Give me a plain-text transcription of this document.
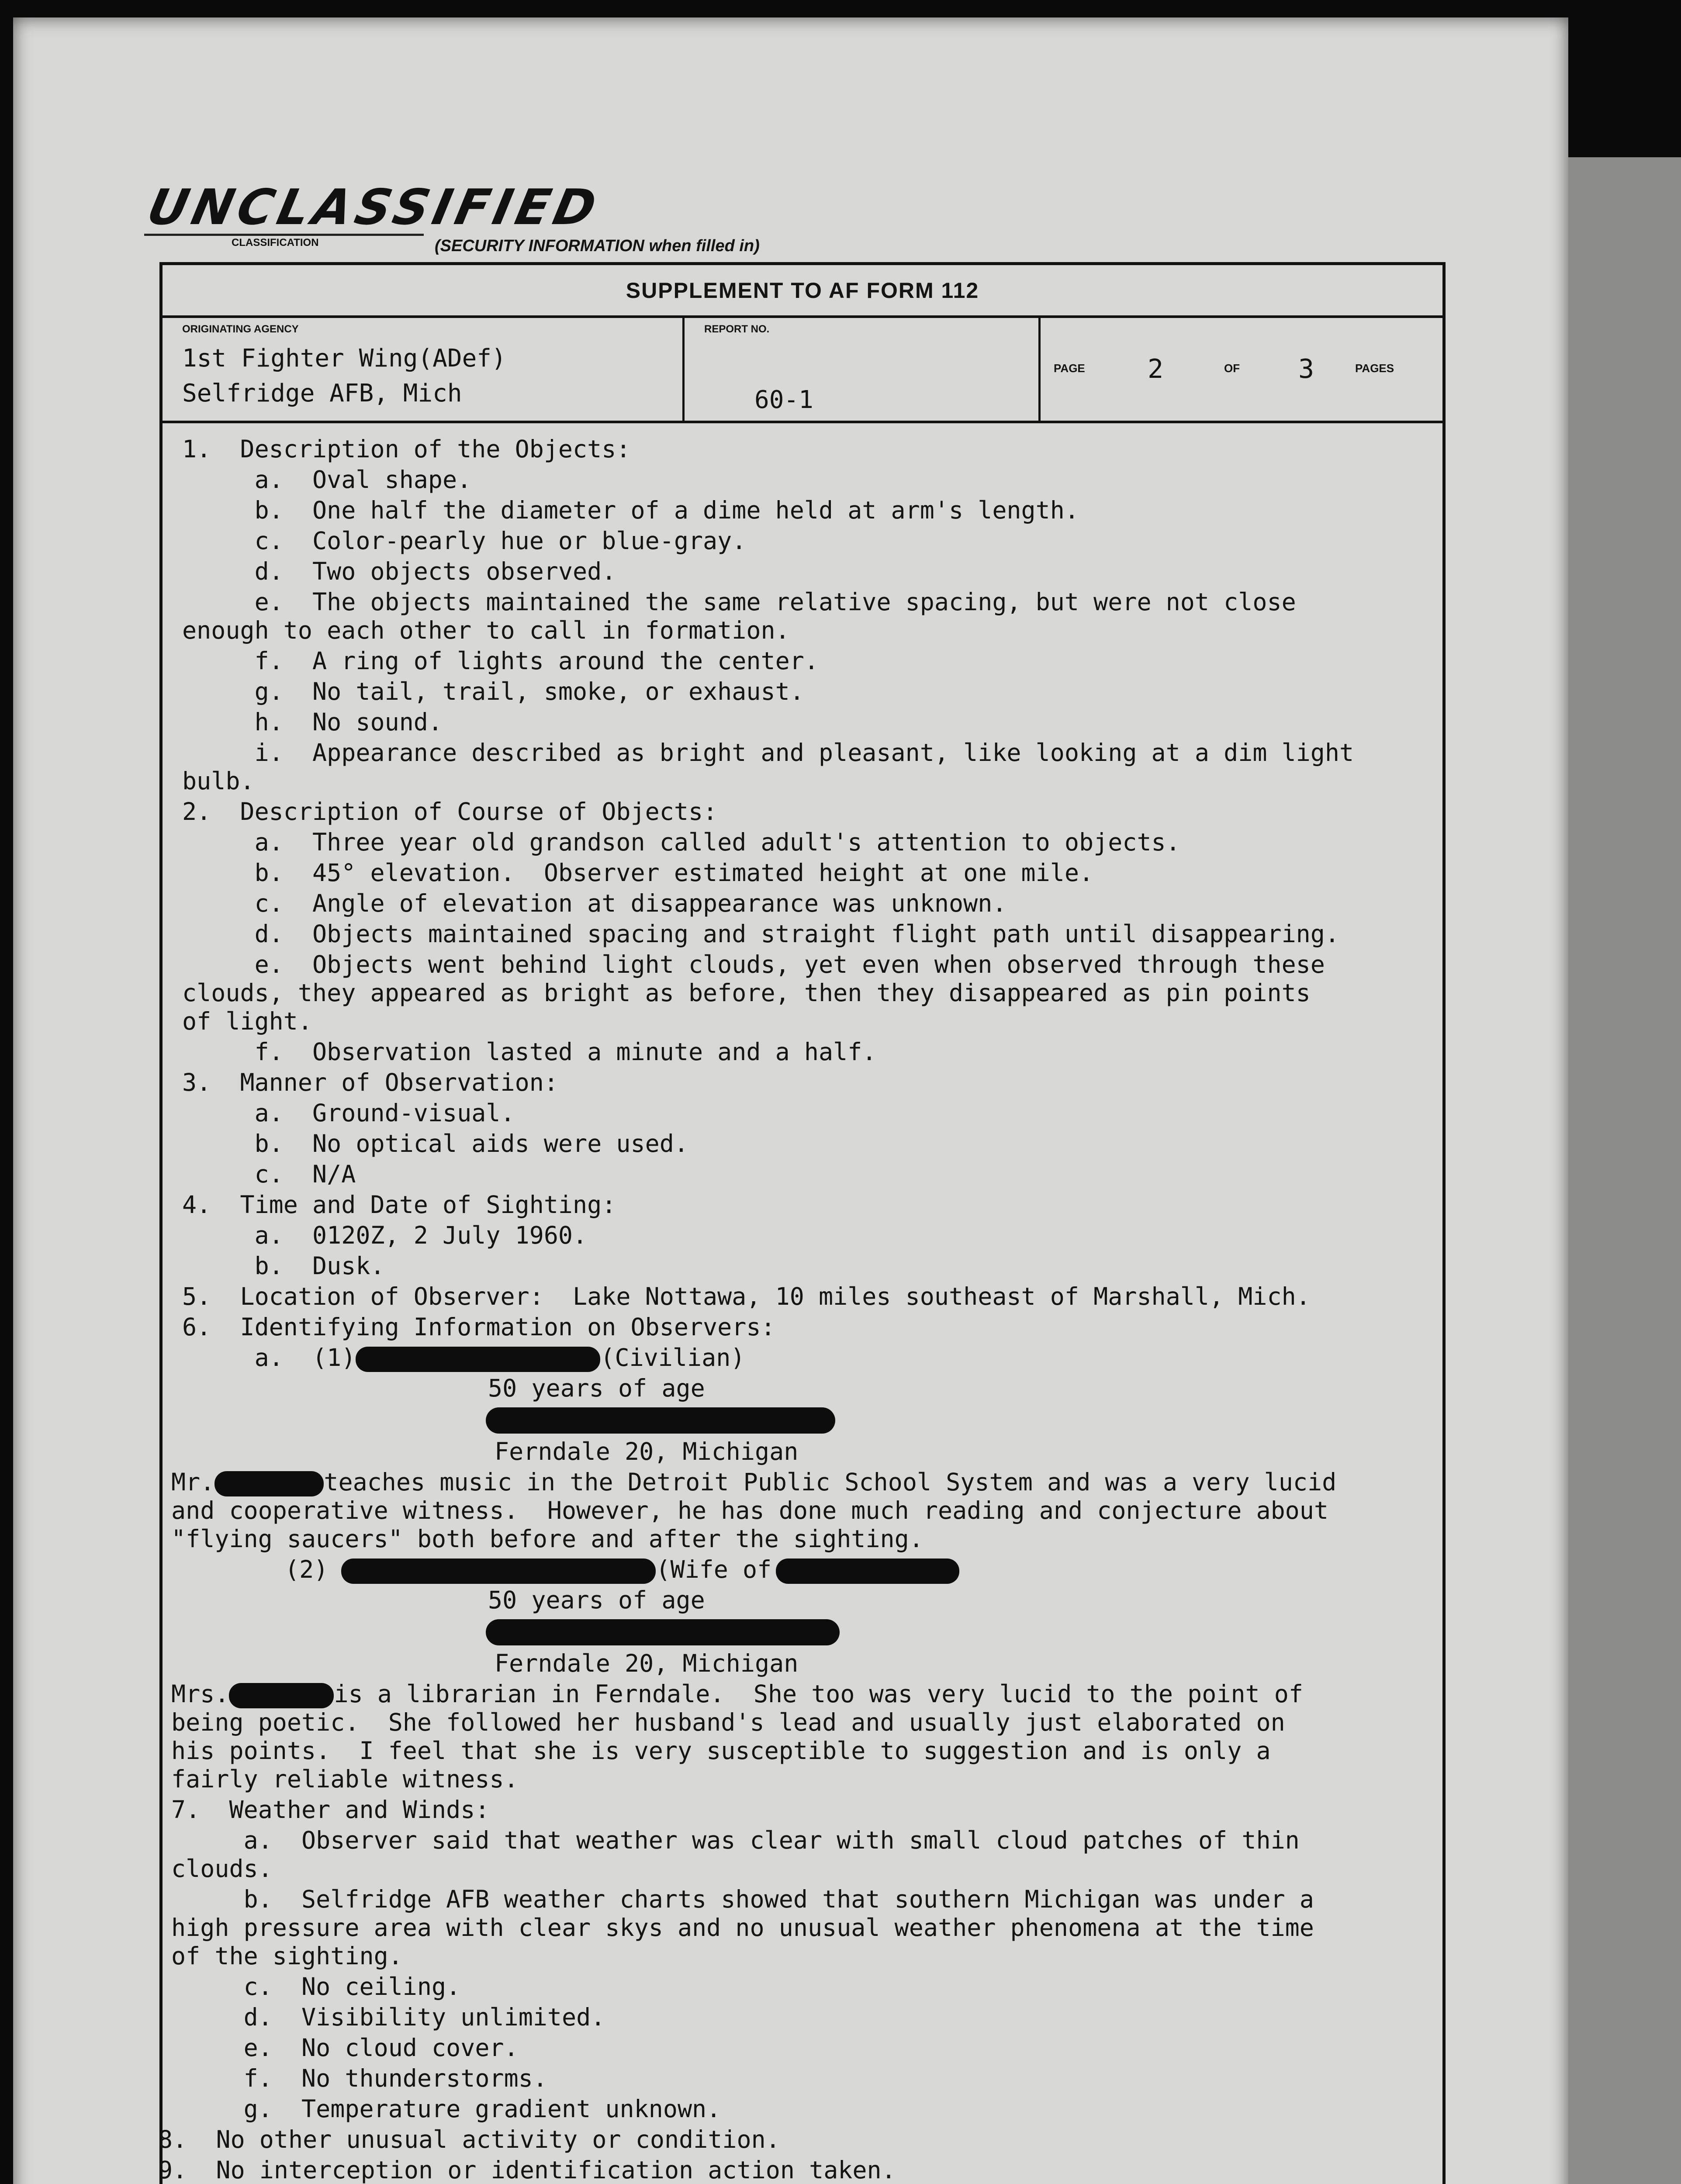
UNCLASSIFIED
CLASSIFICATION	(SECURITY INFORMATION when filled in)
SUPPLEMENT TO AF FORM 112
ORIGINATING AGENCY
1st Fighter Wing(ADef)
Selfridge AFB, Mich
REPORT NO.
60-1
PAGE 2	OF 3	PAGES
1.  Description of the Objects:
a.  Oval shape.
b.  One half the diameter of a dime held at arm's length.
c.  Color-pearly hue or blue-gray.
d.  Two objects observed.
e.  The objects maintained the same relative spacing, but were not close
enough to each other to call in formation.
f.  A ring of lights around the center.
g.  No tail, trail, smoke, or exhaust.
h.  No sound.
i.  Appearance described as bright and pleasant, like looking at a dim light
bulb.
2.  Description of Course of Objects:
a.  Three year old grandson called adult's attention to objects.
b.  45° elevation.  Observer estimated height at one mile.
c.  Angle of elevation at disappearance was unknown.
d.  Objects maintained spacing and straight flight path until disappearing.
e.  Objects went behind light clouds, yet even when observed through these
clouds, they appeared as bright as before, then they disappeared as pin points
of light.
f.  Observation lasted a minute and a half.
3.  Manner of Observation:
a.  Ground-visual.
b.  No optical aids were used.
c.  N/A
4.  Time and Date of Sighting:
a.  0120Z, 2 July 1960.
b.  Dusk.
5.  Location of Observer:  Lake Nottawa, 10 miles southeast of Marshall, Mich.
6.  Identifying Information on Observers:
a.  (1)	(Civilian)
50 years of age
Ferndale 20, Michigan
Mr.	teaches music in the Detroit Public School System and was a very lucid
and cooperative witness.  However, he has done much reading and conjecture about
"flying saucers" both before and after the sighting.
(2)	(Wife of
50 years of age
Ferndale 20, Michigan
Mrs.	is a librarian in Ferndale.  She too was very lucid to the point of
being poetic.  She followed her husband's lead and usually just elaborated on
his points.  I feel that she is very susceptible to suggestion and is only a
fairly reliable witness.
7.  Weather and Winds:
a.  Observer said that weather was clear with small cloud patches of thin
clouds.
b.  Selfridge AFB weather charts showed that southern Michigan was under a
high pressure area with clear skys and no unusual weather phenomena at the time
of the sighting.
c.  No ceiling.
d.  Visibility unlimited.
e.  No cloud cover.
f.  No thunderstorms.
g.  Temperature gradient unknown.
8.  No other unusual activity or condition.
9.  No interception or identification action taken.
